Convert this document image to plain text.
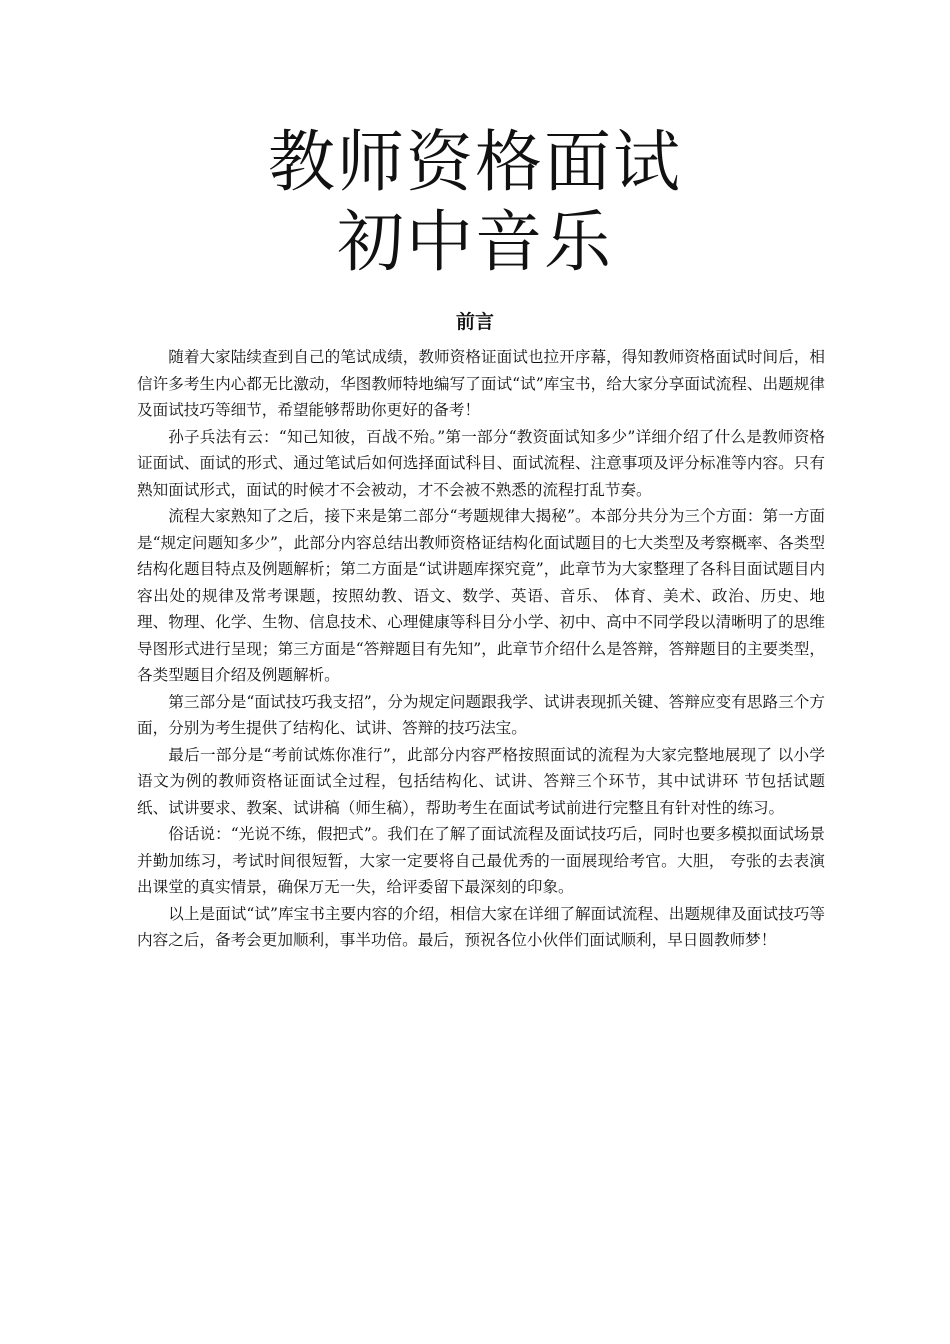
教师资格面试
初中音乐
前言

随着大家陆续查到自己的笔试成绩，教师资格证面试也拉开序幕，得知教师资格面试时间后，相信许多考生内心都无比激动，华图教师特地编写了面试“试”库宝书，给大家分享面试流程、出题规律及面试技巧等细节，希望能够帮助你更好的备考！

孙子兵法有云：“知己知彼，百战不殆。”第一部分“教资面试知多少”详细介绍了什么是教师资格证面试、面试的形式、通过笔试后如何选择面试科目、面试流程、注意事项及评分标准等内容。只有熟知面试形式，面试的时候才不会被动，才不会被不熟悉的流程打乱节奏。

流程大家熟知了之后，接下来是第二部分“考题规律大揭秘”。本部分共分为三个方面：第一方面是“规定问题知多少”，此部分内容总结出教师资格证结构化面试题目的七大类型及考察概率、各类型结构化题目特点及例题解析；第二方面是“试讲题库探究竟”，此章节为大家整理了各科目面试题目内容出处的规律及常考课题，按照幼教、语文、数学、英语、音乐、 体育、美术、政治、历史、地理、物理、化学、生物、信息技术、心理健康等科目分小学、初中、高中不同学段以清晰明了的思维导图形式进行呈现；第三方面是“答辩题目有先知”，此章节介绍什么是答辩，答辩题目的主要类型，各类型题目介绍及例题解析。

第三部分是“面试技巧我支招”，分为规定问题跟我学、试讲表现抓关键、答辩应变有思路三个方面，分别为考生提供了结构化、试讲、答辩的技巧法宝。

最后一部分是“考前试炼你准行”，此部分内容严格按照面试的流程为大家完整地展现了 以小学语文为例的教师资格证面试全过程，包括结构化、试讲、答辩三个环节，其中试讲环 节包括试题纸、试讲要求、教案、试讲稿（师生稿），帮助考生在面试考试前进行完整且有针对性的练习。

俗话说：“光说不练，假把式”。我们在了解了面试流程及面试技巧后，同时也要多模拟面试场景并勤加练习，考试时间很短暂，大家一定要将自己最优秀的一面展现给考官。大胆， 夸张的去表演出课堂的真实情景，确保万无一失，给评委留下最深刻的印象。

以上是面试“试”库宝书主要内容的介绍，相信大家在详细了解面试流程、出题规律及面试技巧等内容之后，备考会更加顺利，事半功倍。最后，预祝各位小伙伴们面试顺利，早日圆教师梦！
